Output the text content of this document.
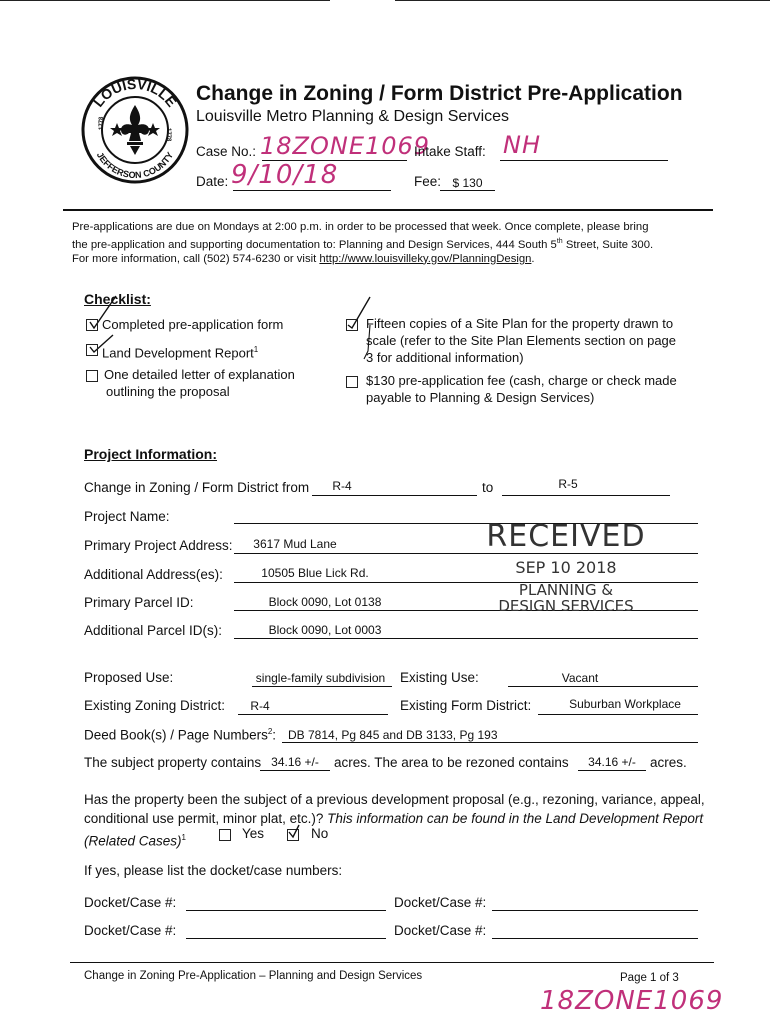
LOUISVILLE
JEFFERSON COUNTY
1778
1778
Change in Zoning / Form District Pre-Application
Louisville Metro Planning & Design Services
Case No.: 18ZONE1069
Intake Staff: NH
Date: 9/10/18	Fee: $ 130
Pre-applications are due on Mondays at 2:00 p.m. in order to be processed that week. Once complete, please bring
the pre-application and supporting documentation to: Planning and Design Services, 444 South 5th Street, Suite 300.
For more information, call (502) 574-6230 or visit http://www.louisvilleky.gov/PlanningDesign.
Checklist:
Completed pre-application form
Land Development Report$^1$
One detailed letter of explanation
outlining the proposal
Fifteen copies of a Site Plan for the property drawn to
scale (refer to the Site Plan Elements section on page
3 for additional information)
$130 pre-application fee (cash, charge or check made
payable to Planning & Design Services)
Project Information:
Change in Zoning / Form District from	R-4	to	R-5
Project Name:
Primary Project Address:	3617 Mud Lane
Additional Address(es):	10505 Blue Lick Rd.
Primary Parcel ID:	Block 0090, Lot 0138
Additional Parcel ID(s):	Block 0090, Lot 0003
RECEIVED
SEP 10 2018
PLANNING &
DESIGN SERVICES
Proposed Use:	single-family subdivision	Existing Use:	Vacant
Existing Zoning District:	R-4	Existing Form District:	Suburban Workplace
Deed Book(s) / Page Numbers$^2$: DB 7814, Pg 845 and DB 3133, Pg 193
The subject property contains 34.16 +/-	acres. The area to be rezoned contains	34.16 +/-	acres.
Has the property been the subject of a previous development proposal (e.g., rezoning, variance, appeal,
conditional use permit, minor plat, etc.)? This information can be found in the Land Development Report
(Related Cases)$^1$	Yes	No
If yes, please list the docket/case numbers:
Docket/Case #:	Docket/Case #:
Docket/Case #:	Docket/Case #:
Change in Zoning Pre-Application – Planning and Design Services	Page 1 of 3
18ZONE1069
